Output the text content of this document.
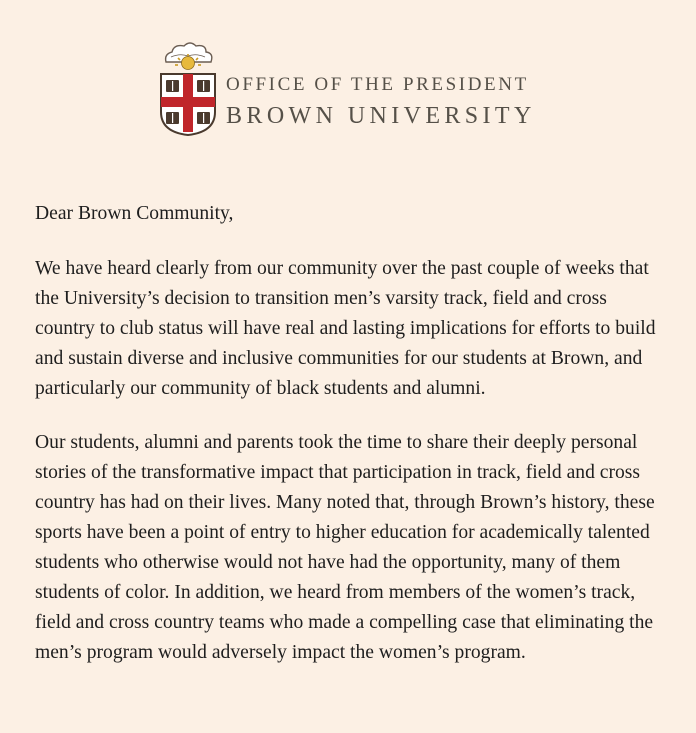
OFFICE OF THE PRESIDENT
BROWN UNIVERSITY

Dear Brown Community,

We have heard clearly from our community over the past couple of weeks that the University’s decision to transition men’s varsity track, field and cross country to club status will have real and lasting implications for efforts to build and sustain diverse and inclusive communities for our students at Brown, and particularly our community of black students and alumni.

Our students, alumni and parents took the time to share their deeply personal stories of the transformative impact that participation in track, field and cross country has had on their lives. Many noted that, through Brown’s history, these sports have been a point of entry to higher education for academically talented students who otherwise would not have had the opportunity, many of them students of color. In addition, we heard from members of the women’s track, field and cross country teams who made a compelling case that eliminating the men’s program would adversely impact the women’s program.
